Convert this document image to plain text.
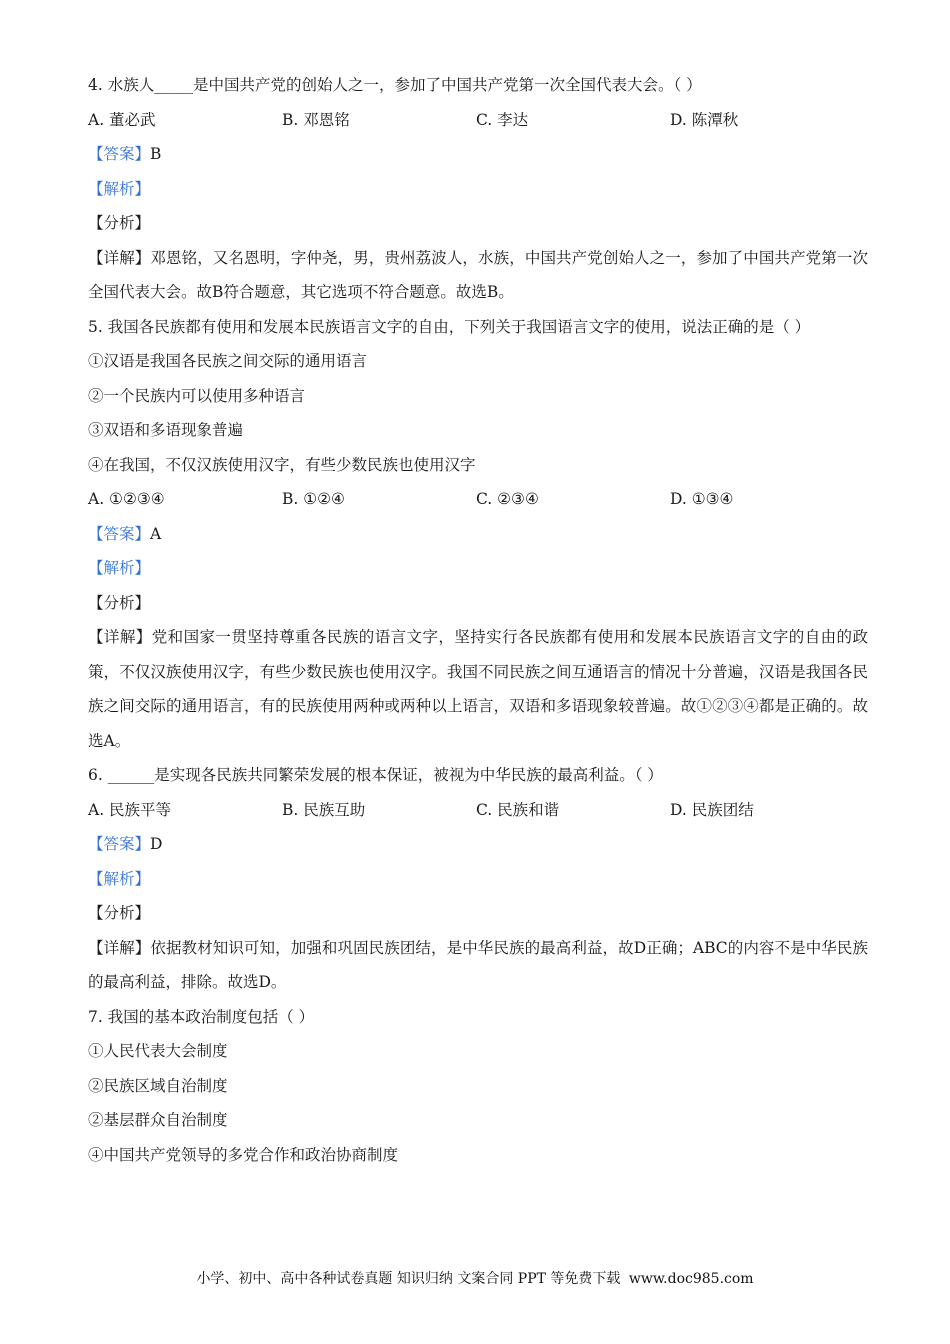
4. 水族人_____是中国共产党的创始人之一，参加了中国共产党第一次全国代表大会。（ ）
A. 董必武	B. 邓恩铭	C. 李达	D. 陈潭秋
【答案】B
【解析】
【分析】
【详解】邓恩铭，又名恩明，字仲尧，男，贵州荔波人，水族，中国共产党创始人之一，参加了中国共产党第一次全国代表大会。故B符合题意，其它选项不符合题意。故选B。
5. 我国各民族都有使用和发展本民族语言文字的自由，下列关于我国语言文字的使用，说法正确的是（ ）
①汉语是我国各民族之间交际的通用语言
②一个民族内可以使用多种语言
③双语和多语现象普遍
④在我国，不仅汉族使用汉字，有些少数民族也使用汉字
A. ①②③④	B. ①②④	C. ②③④	D. ①③④
【答案】A
【解析】
【分析】
【详解】党和国家一贯坚持尊重各民族的语言文字，坚持实行各民族都有使用和发展本民族语言文字的自由的政策，不仅汉族使用汉字，有些少数民族也使用汉字。我国不同民族之间互通语言的情况十分普遍，汉语是我国各民族之间交际的通用语言，有的民族使用两种或两种以上语言，双语和多语现象较普遍。故①②③④都是正确的。故选A。
6. ______是实现各民族共同繁荣发展的根本保证，被视为中华民族的最高利益。（ ）
A. 民族平等	B. 民族互助	C. 民族和谐	D. 民族团结
【答案】D
【解析】
【分析】
【详解】依据教材知识可知，加强和巩固民族团结，是中华民族的最高利益，故D正确；ABC的内容不是中华民族的最高利益，排除。故选D。
7. 我国的基本政治制度包括（ ）
①人民代表大会制度
②民族区域自治制度
②基层群众自治制度
④中国共产党领导的多党合作和政治协商制度
小学、初中、高中各种试卷真题 知识归纳 文案合同 PPT 等免费下载 www.doc985.com
